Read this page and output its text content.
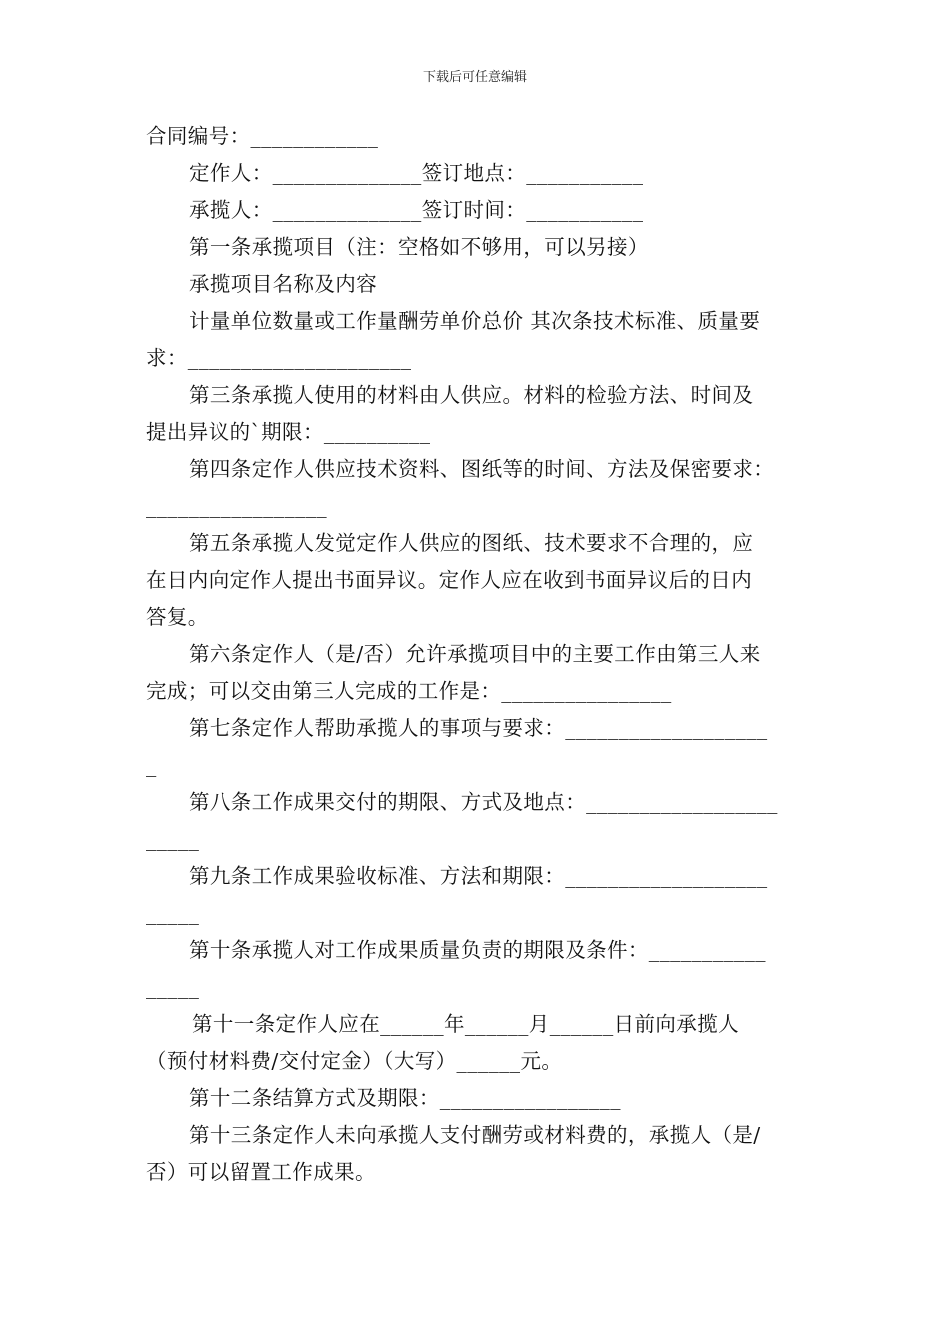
下载后可任意编辑

合同编号：____________

定作人：______________签订地点：___________

承揽人：______________签订时间：___________

第一条承揽项目（注：空格如不够用，可以另接）

承揽项目名称及内容

计量单位数量或工作量酬劳单价总价 其次条技术标准、质量要

求：_____________________

第三条承揽人使用的材料由人供应。材料的检验方法、时间及

提出异议的`期限：__________

第四条定作人供应技术资料、图纸等的时间、方法及保密要求：

_________________

第五条承揽人发觉定作人供应的图纸、技术要求不合理的，应

在日内向定作人提出书面异议。定作人应在收到书面异议后的日内

答复。

第六条定作人（是/否）允许承揽项目中的主要工作由第三人来

完成；可以交由第三人完成的工作是：________________

第七条定作人帮助承揽人的事项与要求：___________________

_

第八条工作成果交付的期限、方式及地点：__________________

_____

第九条工作成果验收标准、方法和期限：___________________

_____

第十条承揽人对工作成果质量负责的期限及条件：___________

_____

第十一条定作人应在______年______月______日前向承揽人

（预付材料费/交付定金）（大写）______元。

第十二条结算方式及期限：_________________

第十三条定作人未向承揽人支付酬劳或材料费的，承揽人（是/

否）可以留置工作成果。
